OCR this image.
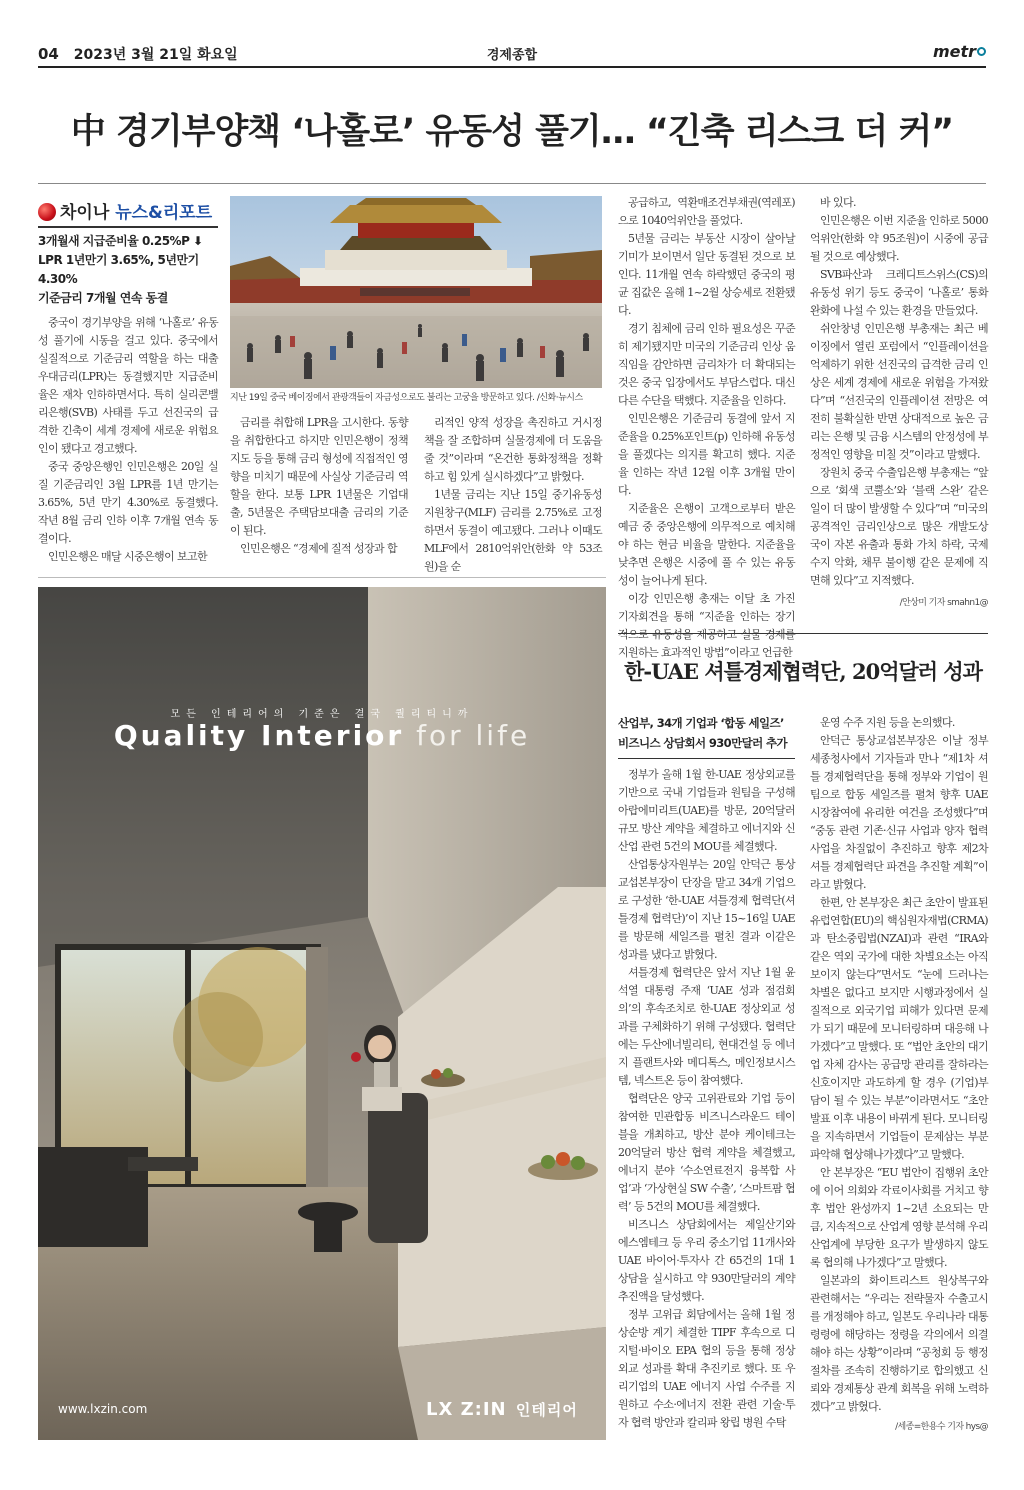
04 2023년 3월 21일 화요일	경제종합	metr
中 경기부양책 ‘나홀로’ 유동성 풀기… “긴축 리스크 더 커”
차이나 뉴스&리포트
3개월새 지급준비율 0.25%P ⬇
LPR 1년만기 3.65%, 5년만기 4.30%
기준금리 7개월 연속 동결

중국이 경기부양을 위해 ‘나홀로’ 유동성 풀기에 시동을 걸고 있다. 중국에서 실질적으로 기준금리 역할을 하는 대출우대금리(LPR)는 동결했지만 지급준비율은 재차 인하하면서다. 특히 실리콘밸리은행(SVB) 사태를 두고 선진국의 급격한 긴축이 세계 경제에 새로운 위험요인이 됐다고 경고했다.

중국 중앙은행인 인민은행은 20일 실질 기준금리인 3월 LPR를 1년 만기는 3.65%, 5년 만기 4.30%로 동결했다. 작년 8월 금리 인하 이후 7개월 연속 동결이다.

인민은행은 매달 시중은행이 보고한

지난 19일 중국 베이징에서 관광객들이 자금성으로도 불리는 고궁을 방문하고 있다. /신화·뉴시스

금리를 취합해 LPR을 고시한다. 동향을 취합한다고 하지만 인민은행이 정책 지도 등을 통해 금리 형성에 직접적인 영향을 미치기 때문에 사실상 기준금리 역할을 한다. 보통 LPR 1년물은 기업대출, 5년물은 주택담보대출 금리의 기준이 된다.

인민은행은 “경제에 질적 성장과 합

리적인 양적 성장을 촉진하고 거시정책을 잘 조합하며 실물경제에 더 도움을 줄 것”이라며 “온건한 통화정책을 정확하고 힘 있게 실시하겠다”고 밝혔다.

1년물 금리는 지난 15일 중기유동성지원창구(MLF) 금리를 2.75%로 고정하면서 동결이 예고됐다. 그러나 이때도 MLF에서 2810억위안(한화 약 53조원)을 순

공급하고, 역환매조건부채권(역레포)으로 1040억위안을 풀었다.

5년물 금리는 부동산 시장이 살아날 기미가 보이면서 일단 동결된 것으로 보인다. 11개월 연속 하락했던 중국의 평균 집값은 올해 1~2월 상승세로 전환됐다.

경기 침체에 금리 인하 필요성은 꾸준히 제기됐지만 미국의 기준금리 인상 움직임을 감안하면 금리차가 더 확대되는 것은 중국 입장에서도 부담스럽다. 대신 다른 수단을 택했다. 지준율을 인하다.

인민은행은 기준금리 동결에 앞서 지준율을 0.25%포인트(p) 인하해 유동성을 풀겠다는 의지를 확고히 했다. 지준율 인하는 작년 12월 이후 3개월 만이다.

지준율은 은행이 고객으로부터 받은 예금 중 중앙은행에 의무적으로 예치해야 하는 현금 비율을 말한다. 지준율을 낮추면 은행은 시중에 풀 수 있는 유동성이 늘어나게 된다.

이강 인민은행 총재는 이달 초 가진 기자회견을 통해 “지준율 인하는 장기적으로 유동성을 제공하고 실물 경제를 지원하는 효과적인 방법”이라고 언급한

바 있다.

인민은행은 이번 지준율 인하로 5000억위안(한화 약 95조원)이 시중에 공급될 것으로 예상했다.

SVB파산과 크레디트스위스(CS)의 유동성 위기 등도 중국이 ‘나홀로’ 통화 완화에 나설 수 있는 환경을 만들었다.

쉬안창녕 인민은행 부총재는 최근 베이징에서 열린 포럼에서 “인플레이션을 억제하기 위한 선진국의 급격한 금리 인상은 세계 경제에 새로운 위험을 가져왔다”며 “선진국의 인플레이션 전망은 여전히 불확실한 반면 상대적으로 높은 금리는 은행 및 금융 시스템의 안정성에 부정적인 영향을 미칠 것”이라고 말했다.

장원치 중국 수출입은행 부총재는 “앞으로 ‘회색 코뿔소’와 ‘블랙 스완’ 같은 일이 더 많이 발생할 수 있다”며 “미국의 공격적인 금리인상으로 많은 개발도상국이 자본 유출과 통화 가치 하락, 국제 수지 악화, 채무 불이행 같은 문제에 직면해 있다”고 지적했다.

/안상미 기자 smahn1@
모든 인테리어의 기준은 결국 퀄리티니까
Quality Interior for life
www.lxzin.com	LX Z:IN 인테리어
한-UAE 셔틀경제협력단, 20억달러 성과
산업부, 34개 기업과 ‘합동 세일즈’
비즈니스 상담회서 930만달러 추가

정부가 올해 1월 한-UAE 정상외교를 기반으로 국내 기업들과 원팀을 구성해 아랍에미리트(UAE)를 방문, 20억달러 규모 방산 계약을 체결하고 에너지와 신산업 관련 5건의 MOU를 체결했다.

산업통상자원부는 20일 안덕근 통상교섭본부장이 단장을 맡고 34개 기업으로 구성한 ‘한-UAE 셔틀경제 협력단(셔틀경제 협력단)’이 지난 15~16일 UAE를 방문해 세일즈를 펼친 결과 이같은 성과를 냈다고 밝혔다.

셔틀경제 협력단은 앞서 지난 1월 윤석열 대통령 주재 ‘UAE 성과 점검회의’의 후속조치로 한-UAE 정상외교 성과를 구체화하기 위해 구성됐다. 협력단에는 두산에너빌리티, 현대건설 등 에너지 플랜트사와 메디톡스, 메인정보시스템, 넥스트온 등이 참여했다.

협력단은 양국 고위관료와 기업 등이 참여한 민관합동 비즈니스라운드 테이블을 개최하고, 방산 분야 케이테크는 20억달러 방산 협력 계약을 체결했고, 에너지 분야 ‘수소연료전지 융복합 사업’과 ‘가상현실 SW 수출’, ‘스마트팜 협력’ 등 5건의 MOU를 체결했다.

비즈니스 상담회에서는 제일산기와 에스엠테크 등 우리 중소기업 11개사와 UAE 바이어·투자사 간 65건의 1대 1 상담을 실시하고 약 930만달러의 계약 추진액을 달성했다.

정부 고위급 회담에서는 올해 1월 정상순방 계기 체결한 TIPF 후속으로 디지털·바이오 EPA 협의 등을 통해 정상외교 성과를 확대 추진키로 했다. 또 우리기업의 UAE 에너지 사업 수주를 지원하고 수소·에너지 전환 관련 기술·투자 협력 방안과 칼리파 왕립 병원 수탁

운영 수주 지원 등을 논의했다.

안덕근 통상교섭본부장은 이날 정부세종청사에서 기자들과 만나 “제1차 셔틀 경제협력단을 통해 정부와 기업이 원팀으로 합동 세일즈를 펼쳐 향후 UAE 시장참여에 유리한 여건을 조성했다”며 “중동 관련 기존·신규 사업과 양자 협력사업을 차질없이 추진하고 향후 제2차 셔틀 경제협력단 파견을 추진할 계획”이라고 밝혔다.

한편, 안 본부장은 최근 초안이 발표된 유럽연합(EU)의 핵심원자재법(CRMA)과 탄소중립법(NZAI)과 관련 “IRA와 같은 역외 국가에 대한 차별요소는 아직 보이지 않는다”면서도 “눈에 드러나는 차별은 없다고 보지만 시행과정에서 실질적으로 외국기업 피해가 있다면 문제가 되기 때문에 모니터링하며 대응해 나가겠다”고 말했다. 또 “법안 초안의 대기업 자체 감사는 공급망 관리를 잘하라는 신호이지만 과도하게 할 경우 (기업)부담이 될 수 있는 부분”이라면서도 “초안 발표 이후 내용이 바뀌게 된다. 모니터링을 지속하면서 기업들이 문제삼는 부분 파악해 협상해나가겠다”고 말했다.

안 본부장은 “EU 법안이 집행위 초안에 이어 의회와 각료이사회를 거치고 향후 법안 완성까지 1~2년 소요되는 만큼, 지속적으로 산업계 영향 분석해 우리 산업계에 부당한 요구가 발생하지 않도록 협의해 나가겠다”고 말했다.

일본과의 화이트리스트 원상복구와 관련해서는 “우리는 전략물자 수출고시를 개정해야 하고, 일본도 우리나라 대통령령에 해당하는 정령을 각의에서 의결해야 하는 상황”이라며 “공청회 등 행정절차를 조속히 진행하기로 합의했고 신뢰와 경제통상 관계 회복을 위해 노력하겠다”고 밝혔다.

/세종=한용수 기자 hys@
